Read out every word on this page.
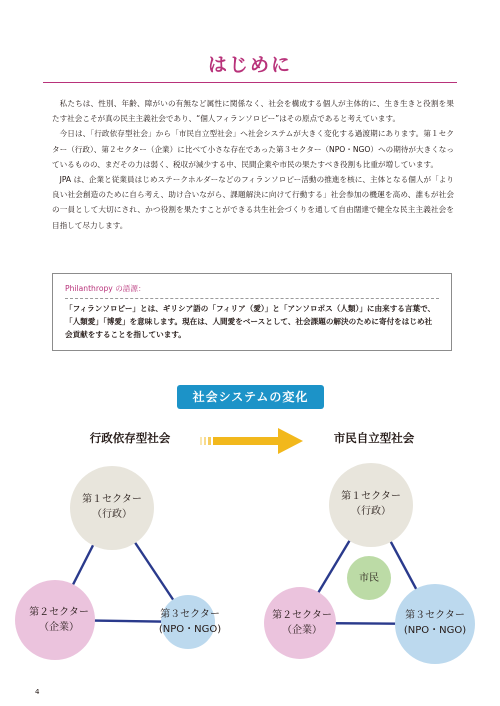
はじめに

私たちは、性別、年齢、障がいの有無など属性に関係なく、社会を構成する個人が主体的に、生き生きと役割を果たす社会こそが真の民主主義社会であり、“個人フィランソロピー”はその原点であると考えています。

今日は、「行政依存型社会」から「市民自立型社会」へ社会システムが大きく変化する過渡期にあります。第１セクター（行政）、第２セクター（企業）に比べて小さな存在であった第３セクター（NPO・NGO）への期待が大きくなっているものの、まだその力は弱く、税収が減少する中、民間企業や市民の果たすべき役割も比重が増しています。

JPA は、企業と従業員はじめステークホルダーなどのフィランソロピー活動の推進を核に、主体となる個人が「より良い社会創造のために自ら考え、助け合いながら、課題解決に向けて行動する」社会参加の機運を高め、誰もが社会の一員として大切にされ、かつ役割を果たすことができる共生社会づくりを通して自由闊達で健全な民主主義社会を目指して尽力します。

Philanthropy の語源：
「フィランソロピー」とは、ギリシア語の「フィリア（愛）」と「アンソロポス（人類）」に由来する言葉で、「人類愛」「博愛」を意味します。現在は、人間愛をベースとして、社会課題の解決のために寄付をはじめ社会貢献をすることを指しています。
社会システムの変化
行政依存型社会	市民自立型社会
第１セクター
（行政）
第２セクター
（企業）
第３セクター
(NPO・NGO)
第１セクター
（行政）
市民
第２セクター
（企業）
第３セクター
(NPO・NGO)
4
